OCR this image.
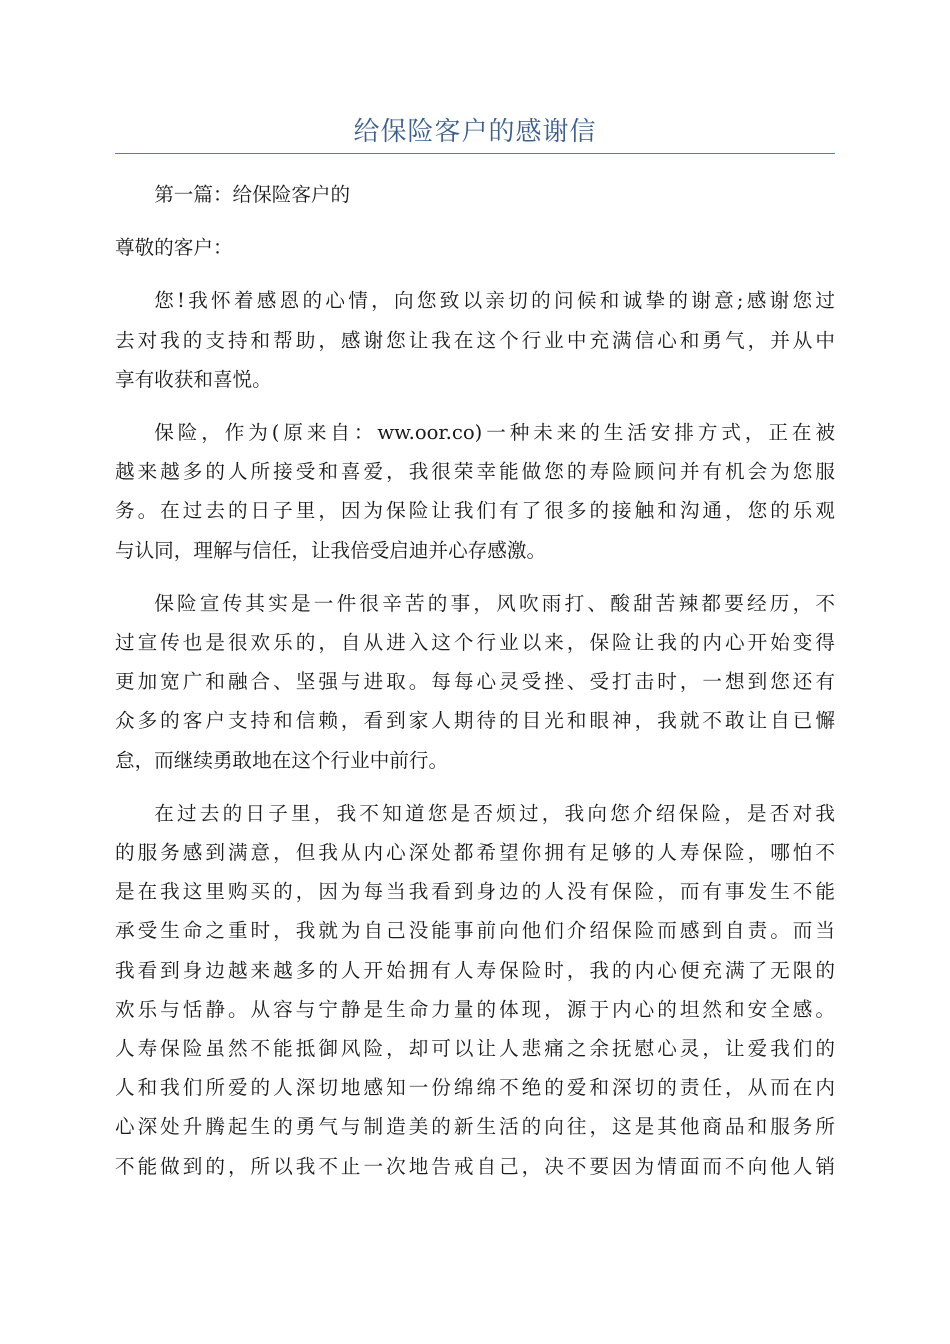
给保险客户的感谢信

第一篇：给保险客户的

尊敬的客户：

您!我怀着感恩的心情，向您致以亲切的问候和诚挚的谢意;感谢您过
去对我的支持和帮助，感谢您让我在这个行业中充满信心和勇气，并从中
享有收获和喜悦。

保险，作为(原来自：ww.oor.co)一种未来的生活安排方式，正在被
越来越多的人所接受和喜爱，我很荣幸能做您的寿险顾问并有机会为您服
务。在过去的日子里，因为保险让我们有了很多的接触和沟通，您的乐观
与认同，理解与信任，让我倍受启迪并心存感激。

保险宣传其实是一件很辛苦的事，风吹雨打、酸甜苦辣都要经历，不
过宣传也是很欢乐的，自从进入这个行业以来，保险让我的内心开始变得
更加宽广和融合、坚强与进取。每每心灵受挫、受打击时，一想到您还有
众多的客户支持和信赖，看到家人期待的目光和眼神，我就不敢让自已懈
怠，而继续勇敢地在这个行业中前行。

在过去的日子里，我不知道您是否烦过，我向您介绍保险，是否对我
的服务感到满意，但我从内心深处都希望你拥有足够的人寿保险，哪怕不
是在我这里购买的，因为每当我看到身边的人没有保险，而有事发生不能
承受生命之重时，我就为自己没能事前向他们介绍保险而感到自责。而当
我看到身边越来越多的人开始拥有人寿保险时，我的内心便充满了无限的
欢乐与恬静。从容与宁静是生命力量的体现，源于内心的坦然和安全感。
人寿保险虽然不能抵御风险，却可以让人悲痛之余抚慰心灵，让爱我们的
人和我们所爱的人深切地感知一份绵绵不绝的爱和深切的责任，从而在内
心深处升腾起生的勇气与制造美的新生活的向往，这是其他商品和服务所
不能做到的，所以我不止一次地告戒自己，决不要因为情面而不向他人销
